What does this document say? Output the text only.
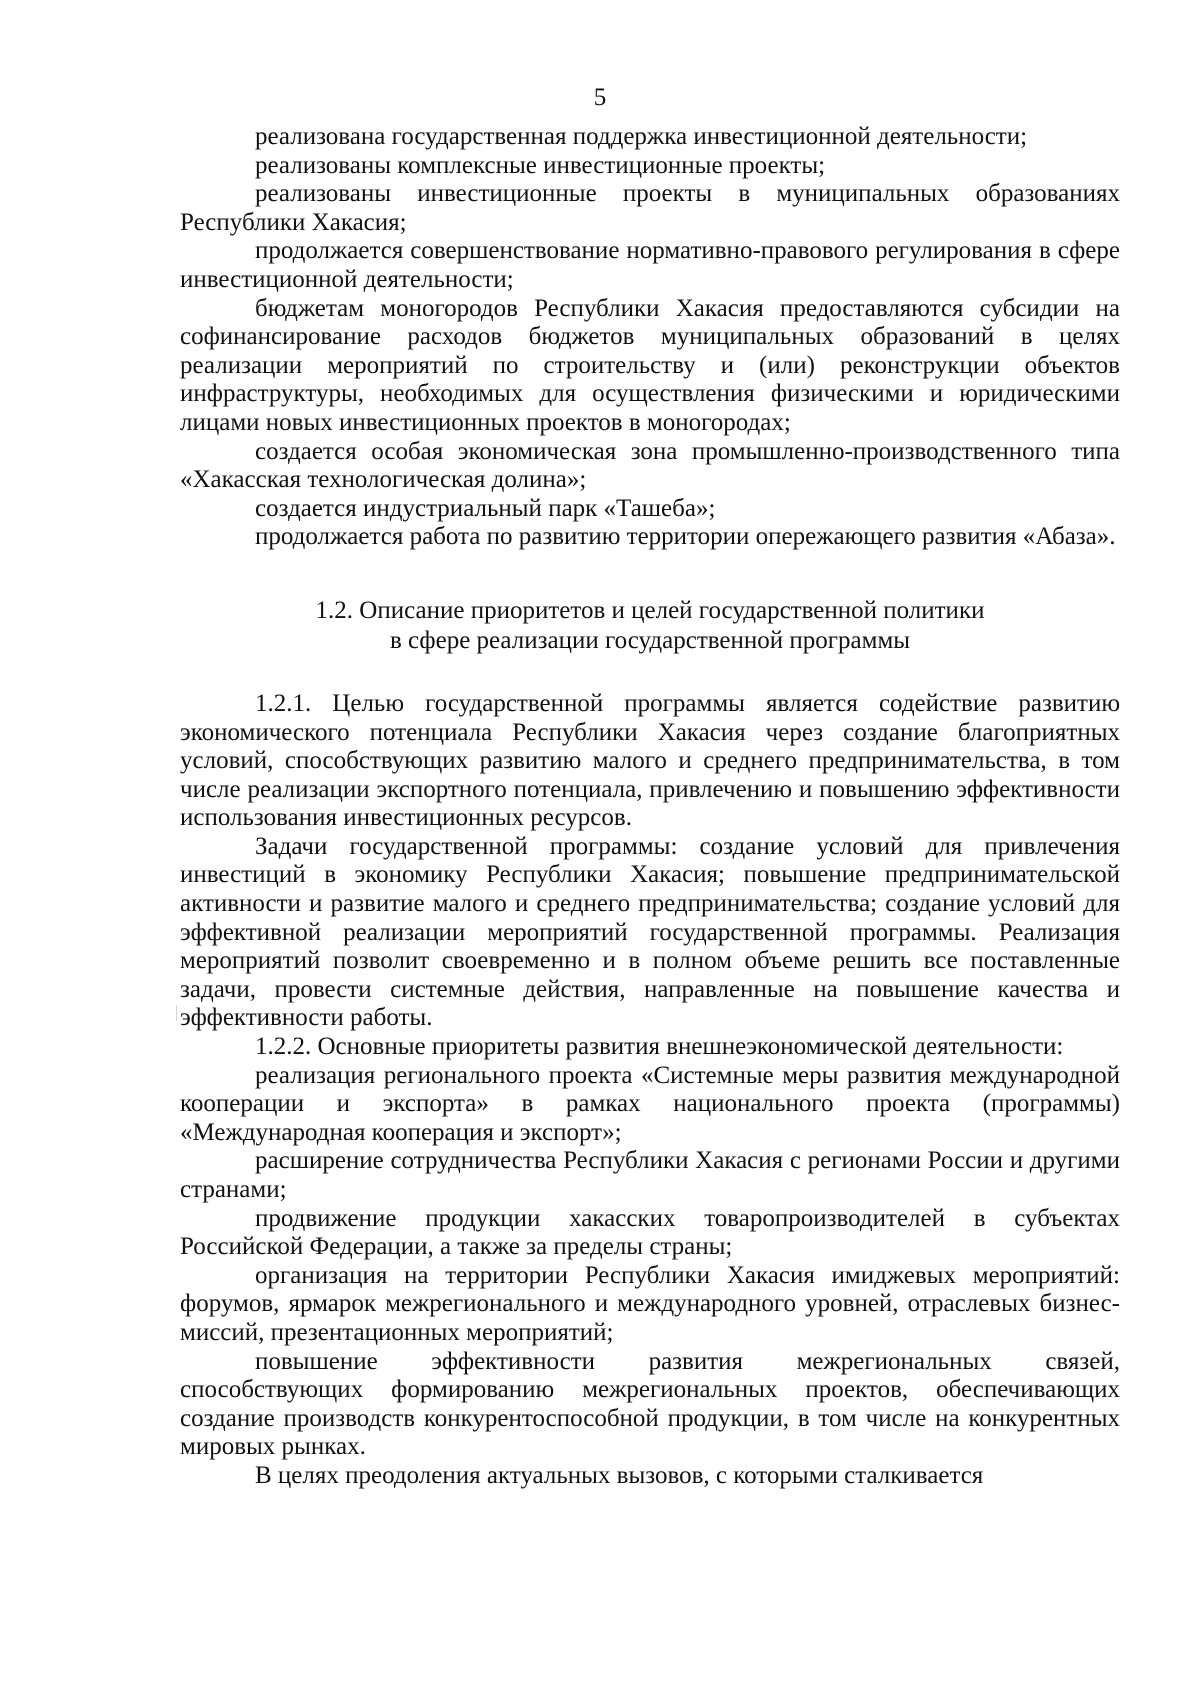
5

реализована государственная поддержка инвестиционной деятельности;

реализованы комплексные инвестиционные проекты;

реализованы инвестиционные проекты в муниципальных образованиях Республики Хакасия;

продолжается совершенствование нормативно-правового регулирования в сфере инвестиционной деятельности;

бюджетам моногородов Республики Хакасия предоставляются субсидии на софинансирование расходов бюджетов муниципальных образований в целях реализации мероприятий по строительству и (или) реконструкции объектов инфраструктуры, необходимых для осуществления физическими и юридическими лицами новых инвестиционных проектов в моногородах;

создается особая экономическая зона промышленно-производственного типа «Хакасская технологическая долина»;

создается индустриальный парк «Ташеба»;

продолжается работа по развитию территории опережающего развития «Абаза».

1.2. Описание приоритетов и целей государственной политики
в сфере реализации государственной программы

1.2.1. Целью государственной программы является содействие развитию экономического потенциала Республики Хакасия через создание благоприятных условий, способствующих развитию малого и среднего предпринимательства, в том числе реализации экспортного потенциала, привлечению и повышению эффективности использования инвестиционных ресурсов.

Задачи государственной программы: создание условий для привлечения инвестиций в экономику Республики Хакасия; повышение предпринимательской активности и развитие малого и среднего предпринимательства; создание условий для эффективной реализации мероприятий государственной программы. Реализация мероприятий позволит своевременно и в полном объеме решить все поставленные задачи, провести системные действия, направленные на повышение качества и эффективности работы.

1.2.2. Основные приоритеты развития внешнеэкономической деятельности:

реализация регионального проекта «Системные меры развития международной кооперации и экспорта» в рамках национального проекта (программы) «Международная кооперация и экспорт»;

расширение сотрудничества Республики Хакасия с регионами России и другими странами;

продвижение продукции хакасских товаропроизводителей в субъектах Российской Федерации, а также за пределы страны;

организация на территории Республики Хакасия имиджевых мероприятий: форумов, ярмарок межрегионального и международного уровней, отраслевых бизнес-миссий, презентационных мероприятий;

повышение эффективности развития межрегиональных связей, способствующих формированию межрегиональных проектов, обеспечивающих создание производств конкурентоспособной продукции, в том числе на конкурентных мировых рынках.

В целях преодоления актуальных вызовов, с которыми сталкивается
